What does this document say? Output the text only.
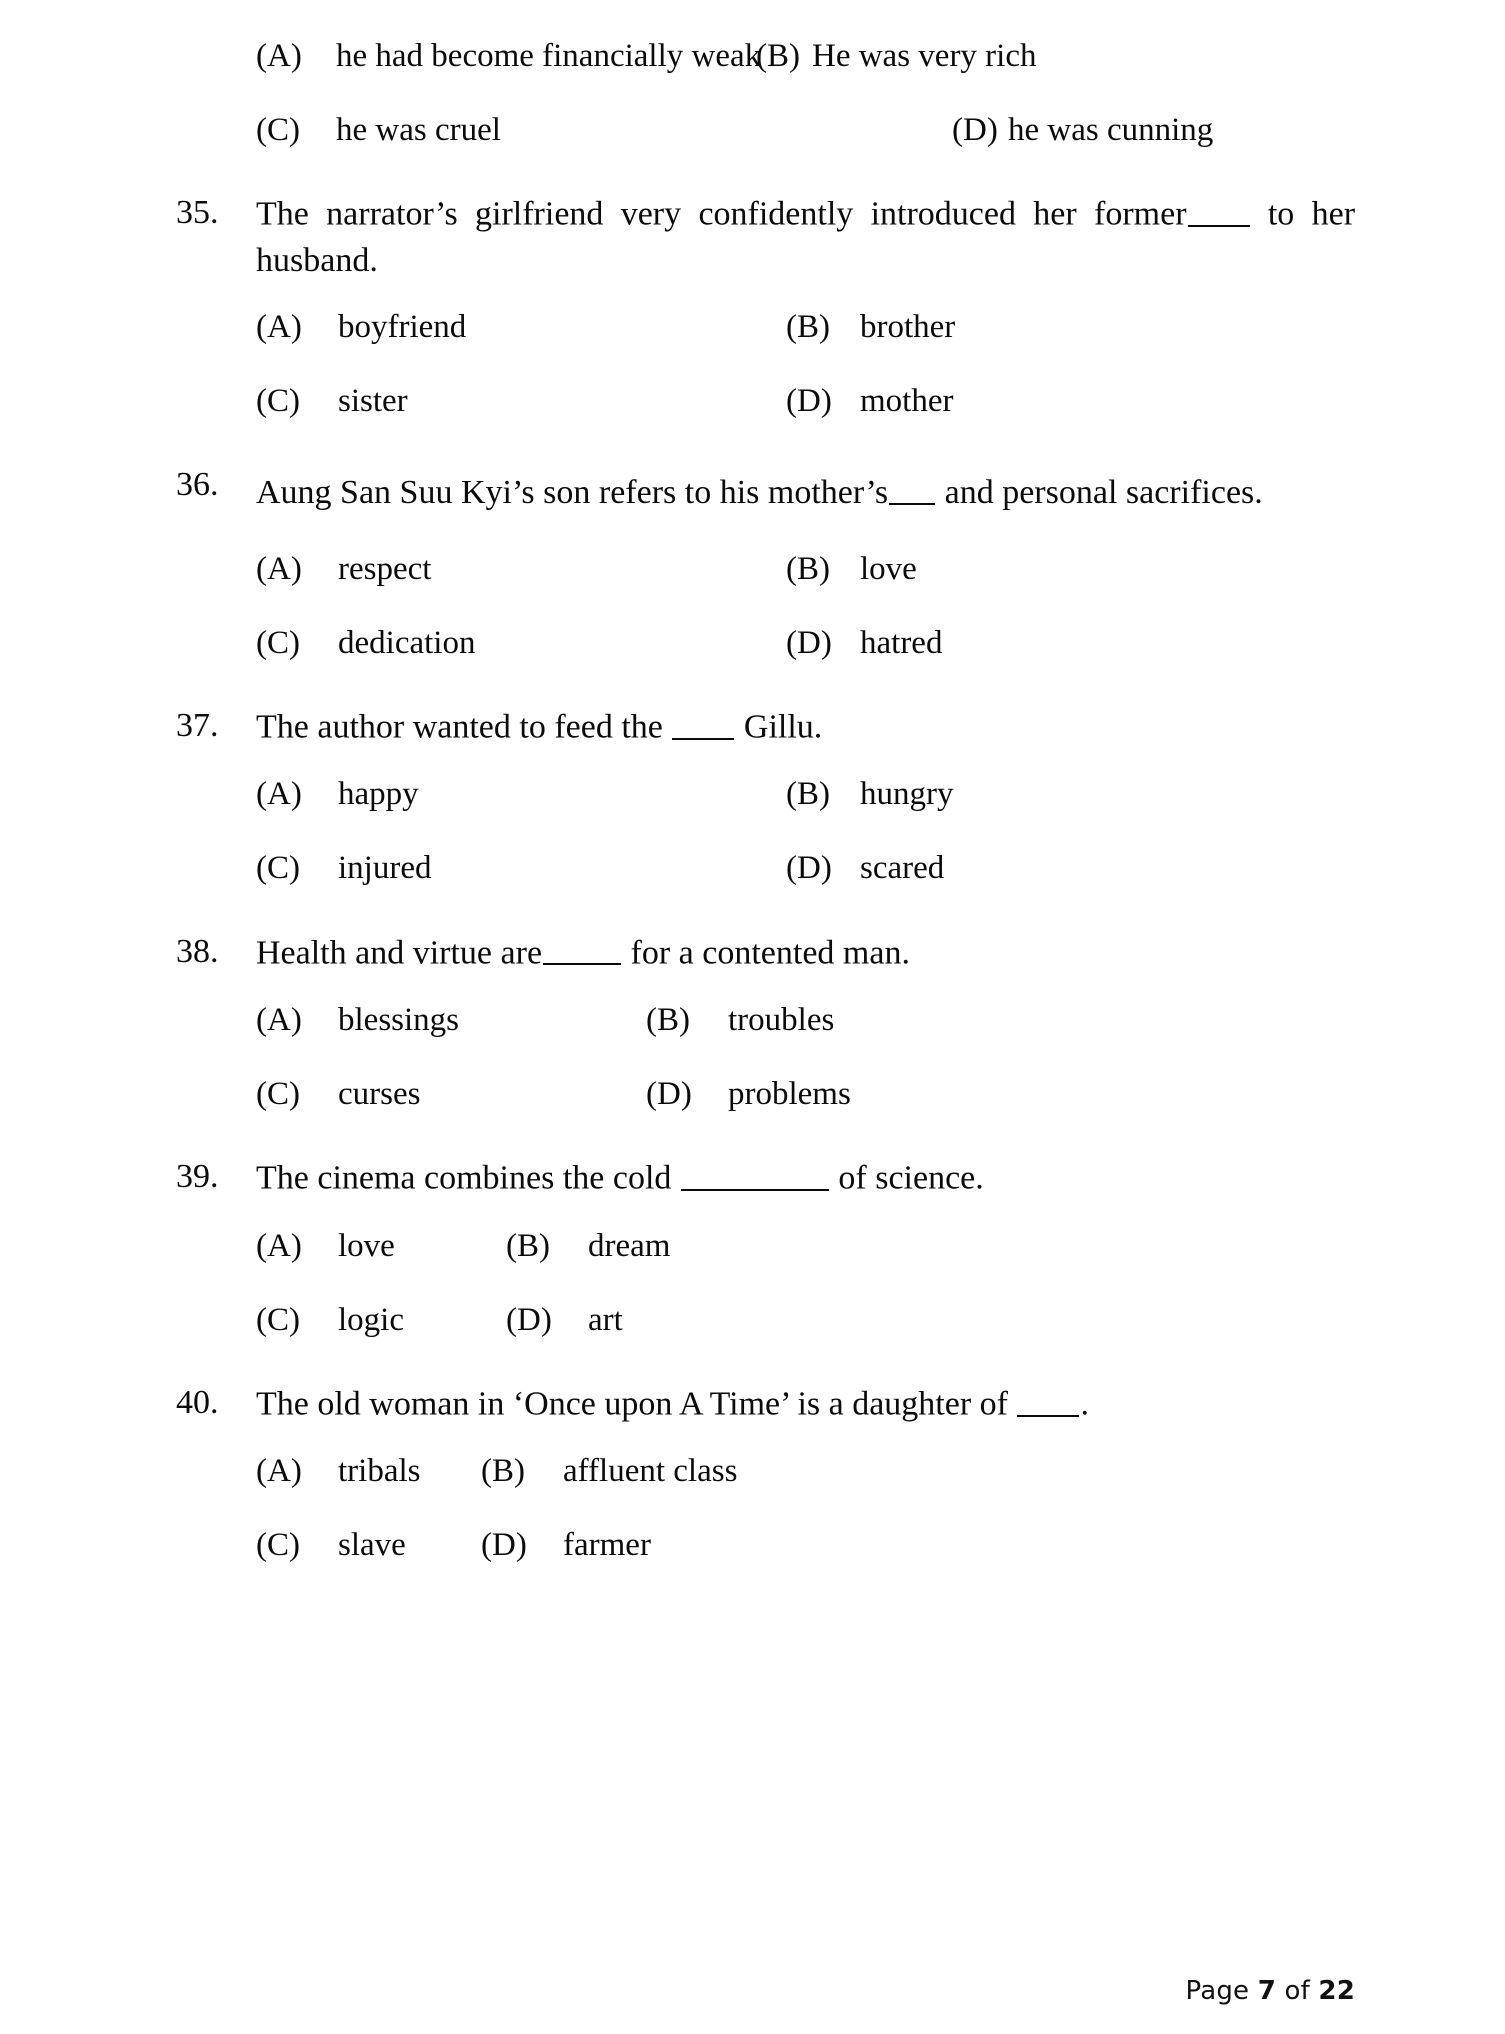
(A)	he had become financially weak
(B) He was very rich
(C)	he was cruel	(D) he was cunning
35.	The narrator’s girlfriend very confidently introduced her former to her husband.
(A)	boyfriend	(B) brother
(C)	sister	(D) mother
36.	Aung San Suu Kyi’s son refers to his mother’s and personal sacrifices.
(A)	respect	(B) love
(C)	dedication	(D) hatred
37.	The author wanted to feed the Gillu.
(A)	happy	(B) hungry
(C)	injured	(D) scared
38.	Health and virtue are	for a contented man.
(A)	blessings	(B)	troubles
(C)	curses	(D)	problems
39.	The cinema combines the cold	of science.
(A)	love	(B)	dream
(C)	logic	(D)	art
40.	The old woman in ‘Once upon A Time’ is a daughter of .
(A)	tribals (B)	affluent class
(C)	slave (D)	farmer
Page 7 of 22
